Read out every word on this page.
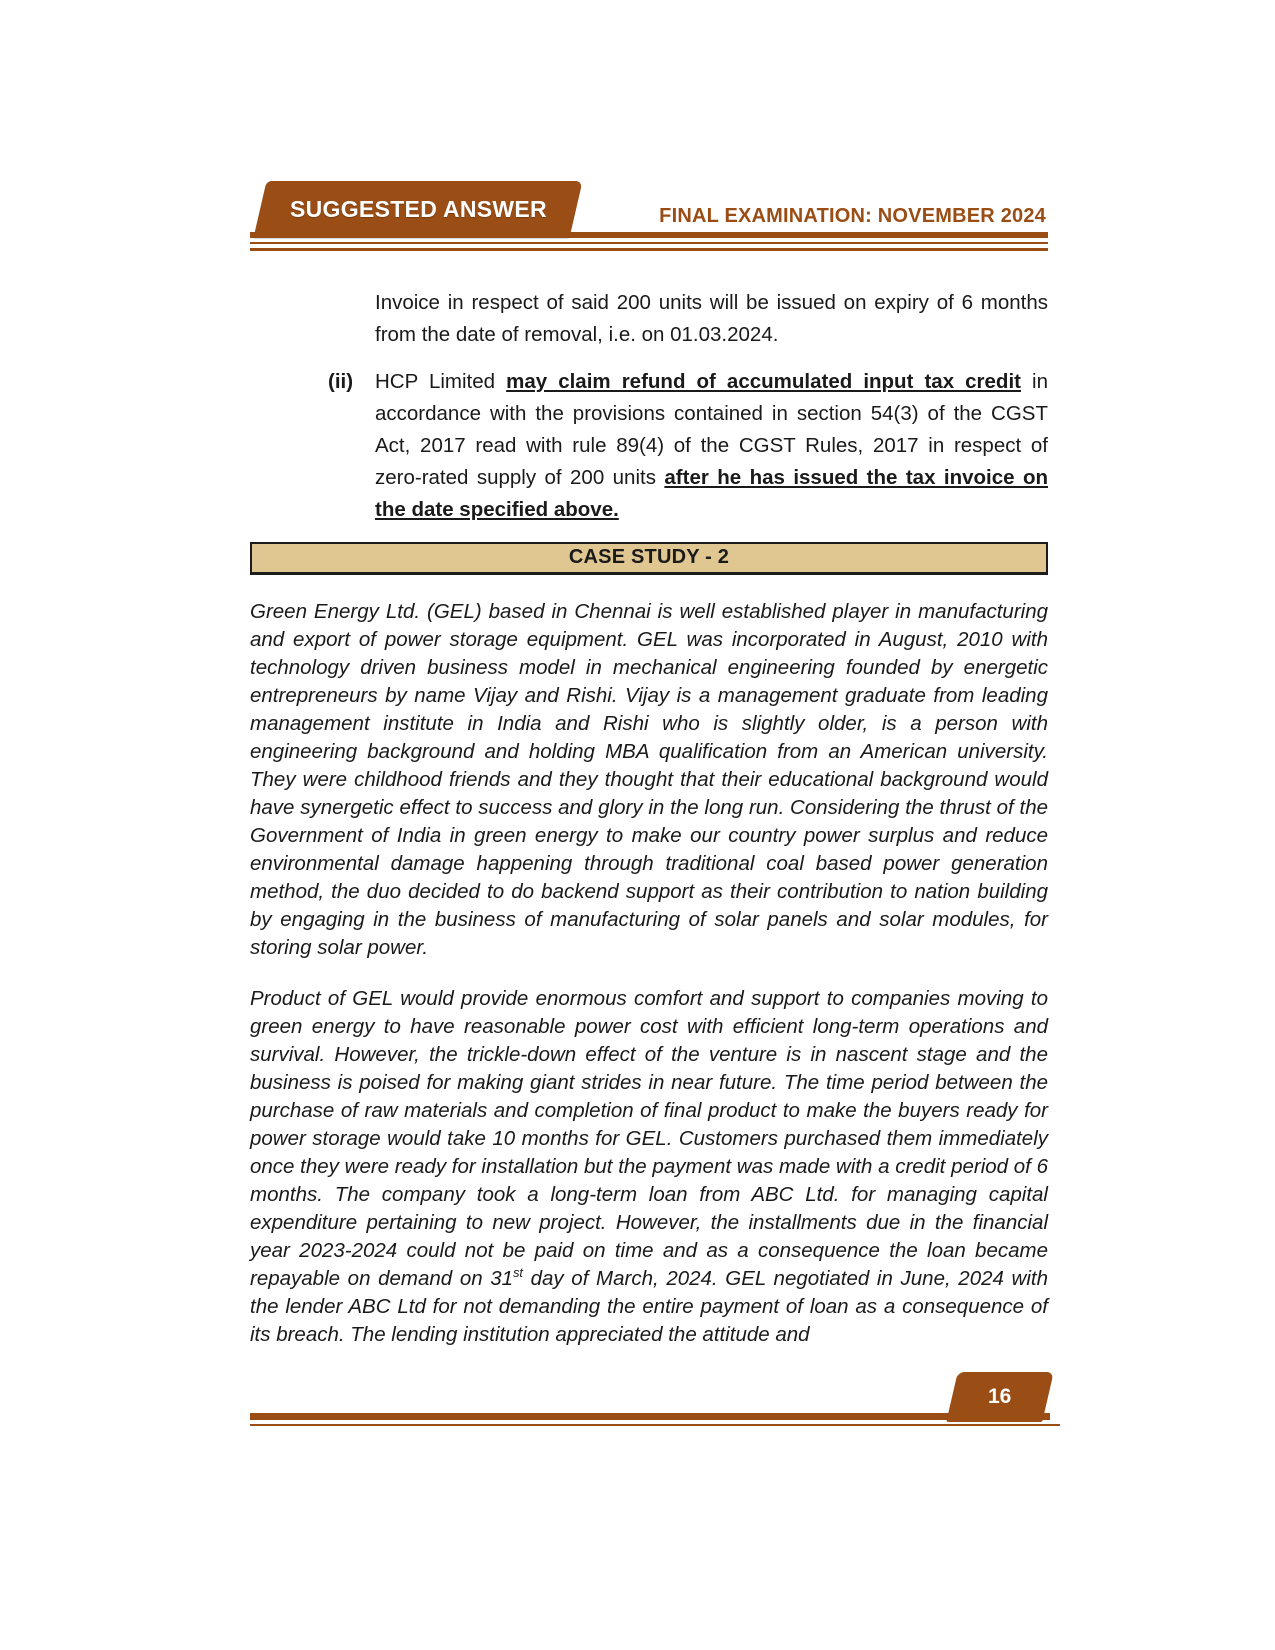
SUGGESTED ANSWER	FINAL EXAMINATION: NOVEMBER 2024
Invoice in respect of said 200 units will be issued on expiry of 6 months from the date of removal, i.e. on 01.03.2024.
(ii) HCP Limited may claim refund of accumulated input tax credit in accordance with the provisions contained in section 54(3) of the CGST Act, 2017 read with rule 89(4) of the CGST Rules, 2017 in respect of zero-rated supply of 200 units after he has issued the tax invoice on the date specified above.
CASE STUDY - 2
Green Energy Ltd. (GEL) based in Chennai is well established player in manufacturing and export of power storage equipment. GEL was incorporated in August, 2010 with technology driven business model in mechanical engineering founded by energetic entrepreneurs by name Vijay and Rishi. Vijay is a management graduate from leading management institute in India and Rishi who is slightly older, is a person with engineering background and holding MBA qualification from an American university. They were childhood friends and they thought that their educational background would have synergetic effect to success and glory in the long run. Considering the thrust of the Government of India in green energy to make our country power surplus and reduce environmental damage happening through traditional coal based power generation method, the duo decided to do backend support as their contribution to nation building by engaging in the business of manufacturing of solar panels and solar modules, for storing solar power.
Product of GEL would provide enormous comfort and support to companies moving to green energy to have reasonable power cost with efficient long-term operations and survival. However, the trickle-down effect of the venture is in nascent stage and the business is poised for making giant strides in near future. The time period between the purchase of raw materials and completion of final product to make the buyers ready for power storage would take 10 months for GEL. Customers purchased them immediately once they were ready for installation but the payment was made with a credit period of 6 months. The company took a long-term loan from ABC Ltd. for managing capital expenditure pertaining to new project. However, the installments due in the financial year 2023-2024 could not be paid on time and as a consequence the loan became repayable on demand on 31st day of March, 2024. GEL negotiated in June, 2024 with the lender ABC Ltd for not demanding the entire payment of loan as a consequence of its breach. The lending institution appreciated the attitude and
16
